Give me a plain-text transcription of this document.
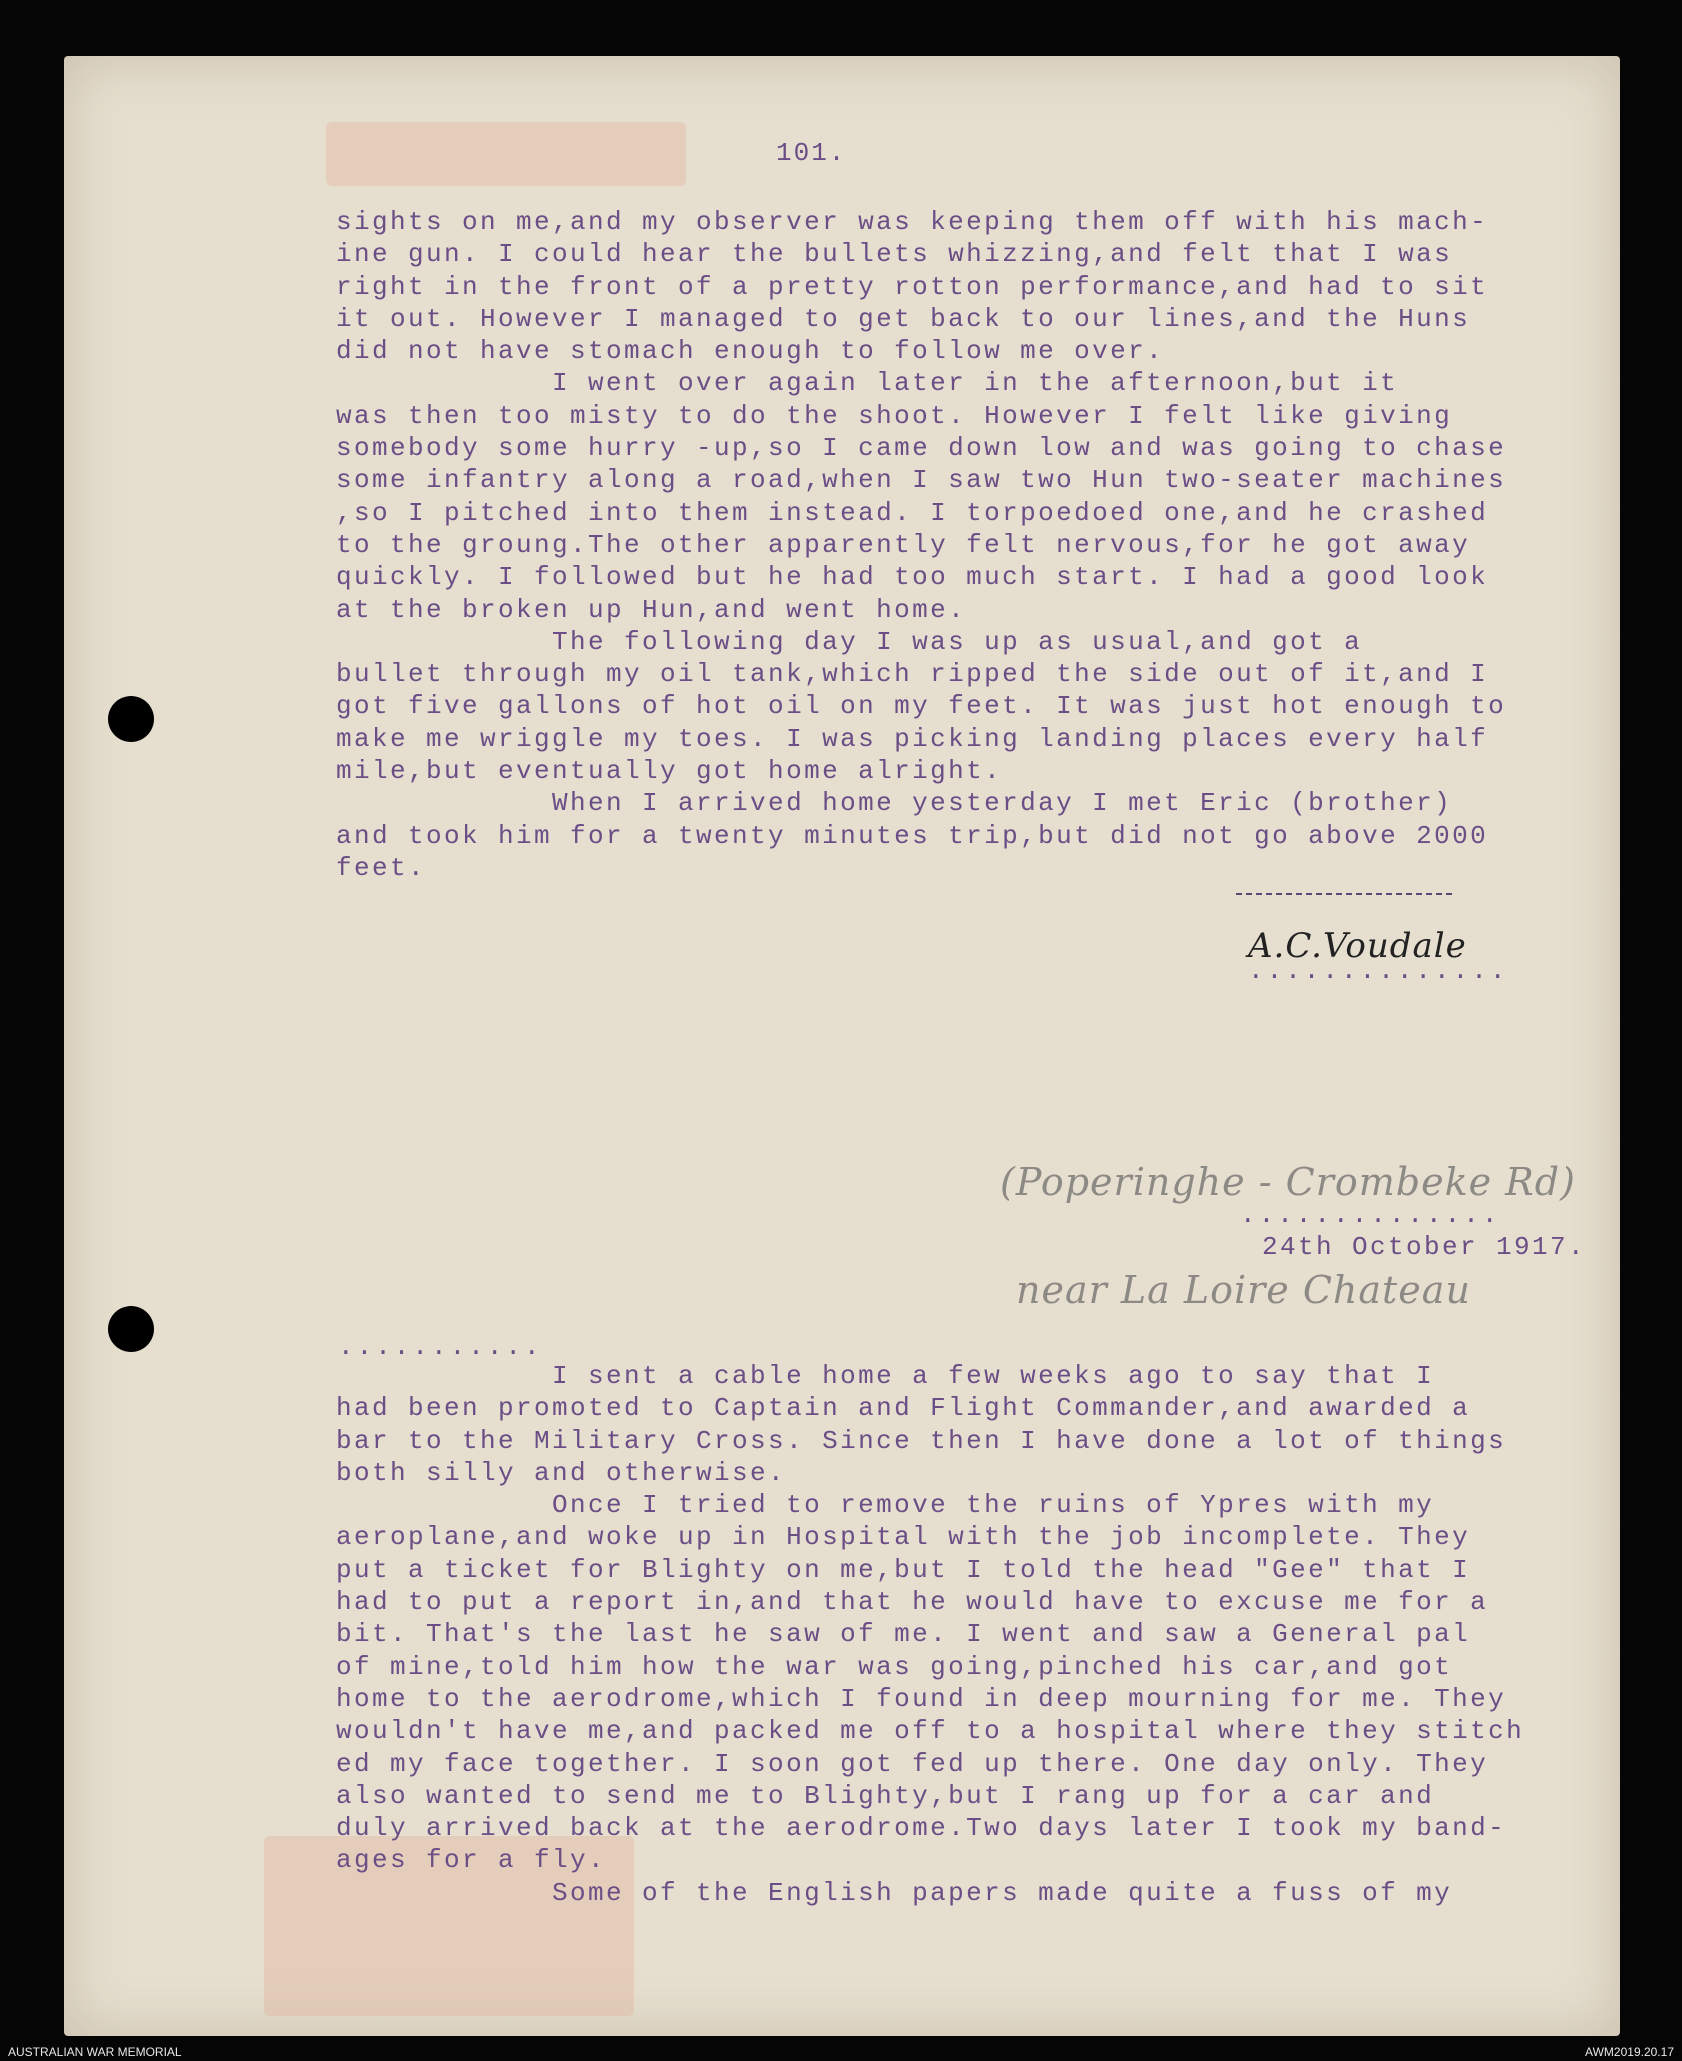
101.
sights on me,and my observer was keeping them off with his mach-
ine gun. I could hear the bullets whizzing,and felt that I was
right in the front of a pretty rotton performance,and had to sit
it out. However I managed to get back to our lines,and the Huns
did not have stomach enough to follow me over.
I went over again later in the afternoon,but it
was then too misty to do the shoot. However I felt like giving
somebody some hurry -up,so I came down low and was going to chase
some infantry along a road,when I saw two Hun two-seater machines
,so I pitched into them instead. I torpoedoed one,and he crashed
to the groung.The other apparently felt nervous,for he got away
quickly. I followed but he had too much start. I had a good look
at the broken up Hun,and went home.
The following day I was up as usual,and got a
bullet through my oil tank,which ripped the side out of it,and I
got five gallons of hot oil on my feet. It was just hot enough to
make me wriggle my toes. I was picking landing places every half
mile,but eventually got home alright.
When I arrived home yesterday I met Eric (brother)
and took him for a twenty minutes trip,but did not go above 2000
feet.
A.C.Voudale
..............
(Poperinghe - Crombeke Rd)
..............
24th October 1917.
near La Loire Chateau
...........
I sent a cable home a few weeks ago to say that I
had been promoted to Captain and Flight Commander,and awarded a
bar to the Military Cross. Since then I have done a lot of things
both silly and otherwise.
Once I tried to remove the ruins of Ypres with my
aeroplane,and woke up in Hospital with the job incomplete. They
put a ticket for Blighty on me,but I told the head "Gee" that I
had to put a report in,and that he would have to excuse me for a
bit. That's the last he saw of me. I went and saw a General pal
of mine,told him how the war was going,pinched his car,and got
home to the aerodrome,which I found in deep mourning for me. They
wouldn't have me,and packed me off to a hospital where they stitch
ed my face together. I soon got fed up there. One day only. They
also wanted to send me to Blighty,but I rang up for a car and
duly arrived back at the aerodrome.Two days later I took my band-
ages for a fly.
Some of the English papers made quite a fuss of my
AUSTRALIAN WAR MEMORIAL	AWM2019.20.17
